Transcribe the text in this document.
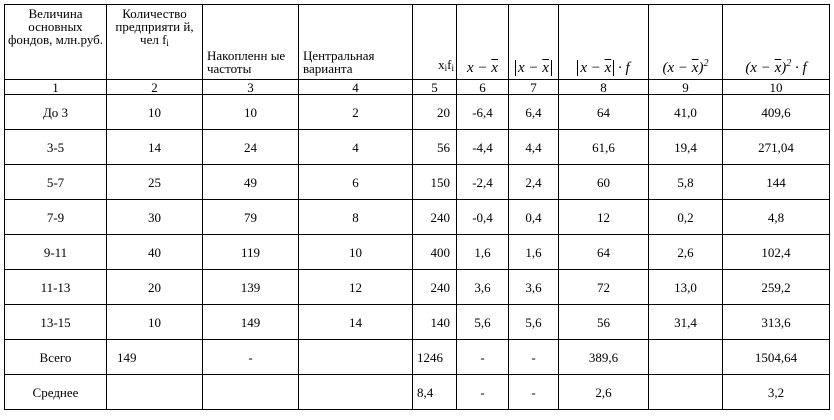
Величина основных фондов, млн.руб.	Количество предприяти й, чел $f_i$	Накопленн ые частоты	Центральная варианта	$x_if_i$	$x - \overline{x}$	$x - \overline{x}$	$x - \overline{x} \cdot f$	$(x - \overline{x})^2$	$(x - \overline{x})^2 \cdot f$
1	2	3	4	5	6	7	8	9	10
До 3	10	10	2	20	-6,4	6,4	64	41,0	409,6
3-5	14	24	4	56	-4,4	4,4	61,6	19,4	271,04
5-7	25	49	6	150	-2,4	2,4	60	5,8	144
7-9	30	79	8	240	-0,4	0,4	12	0,2	4,8
9-11	40	119	10	400	1,6	1,6	64	2,6	102,4
11-13	20	139	12	240	3,6	3,6	72	13,0	259,2
13-15	10	149	14	140	5,6	5,6	56	31,4	313,6
Всего	149	-		1246	-	-	389,6		1504,64
Среднее				8,4	-	-	2,6		3,2
